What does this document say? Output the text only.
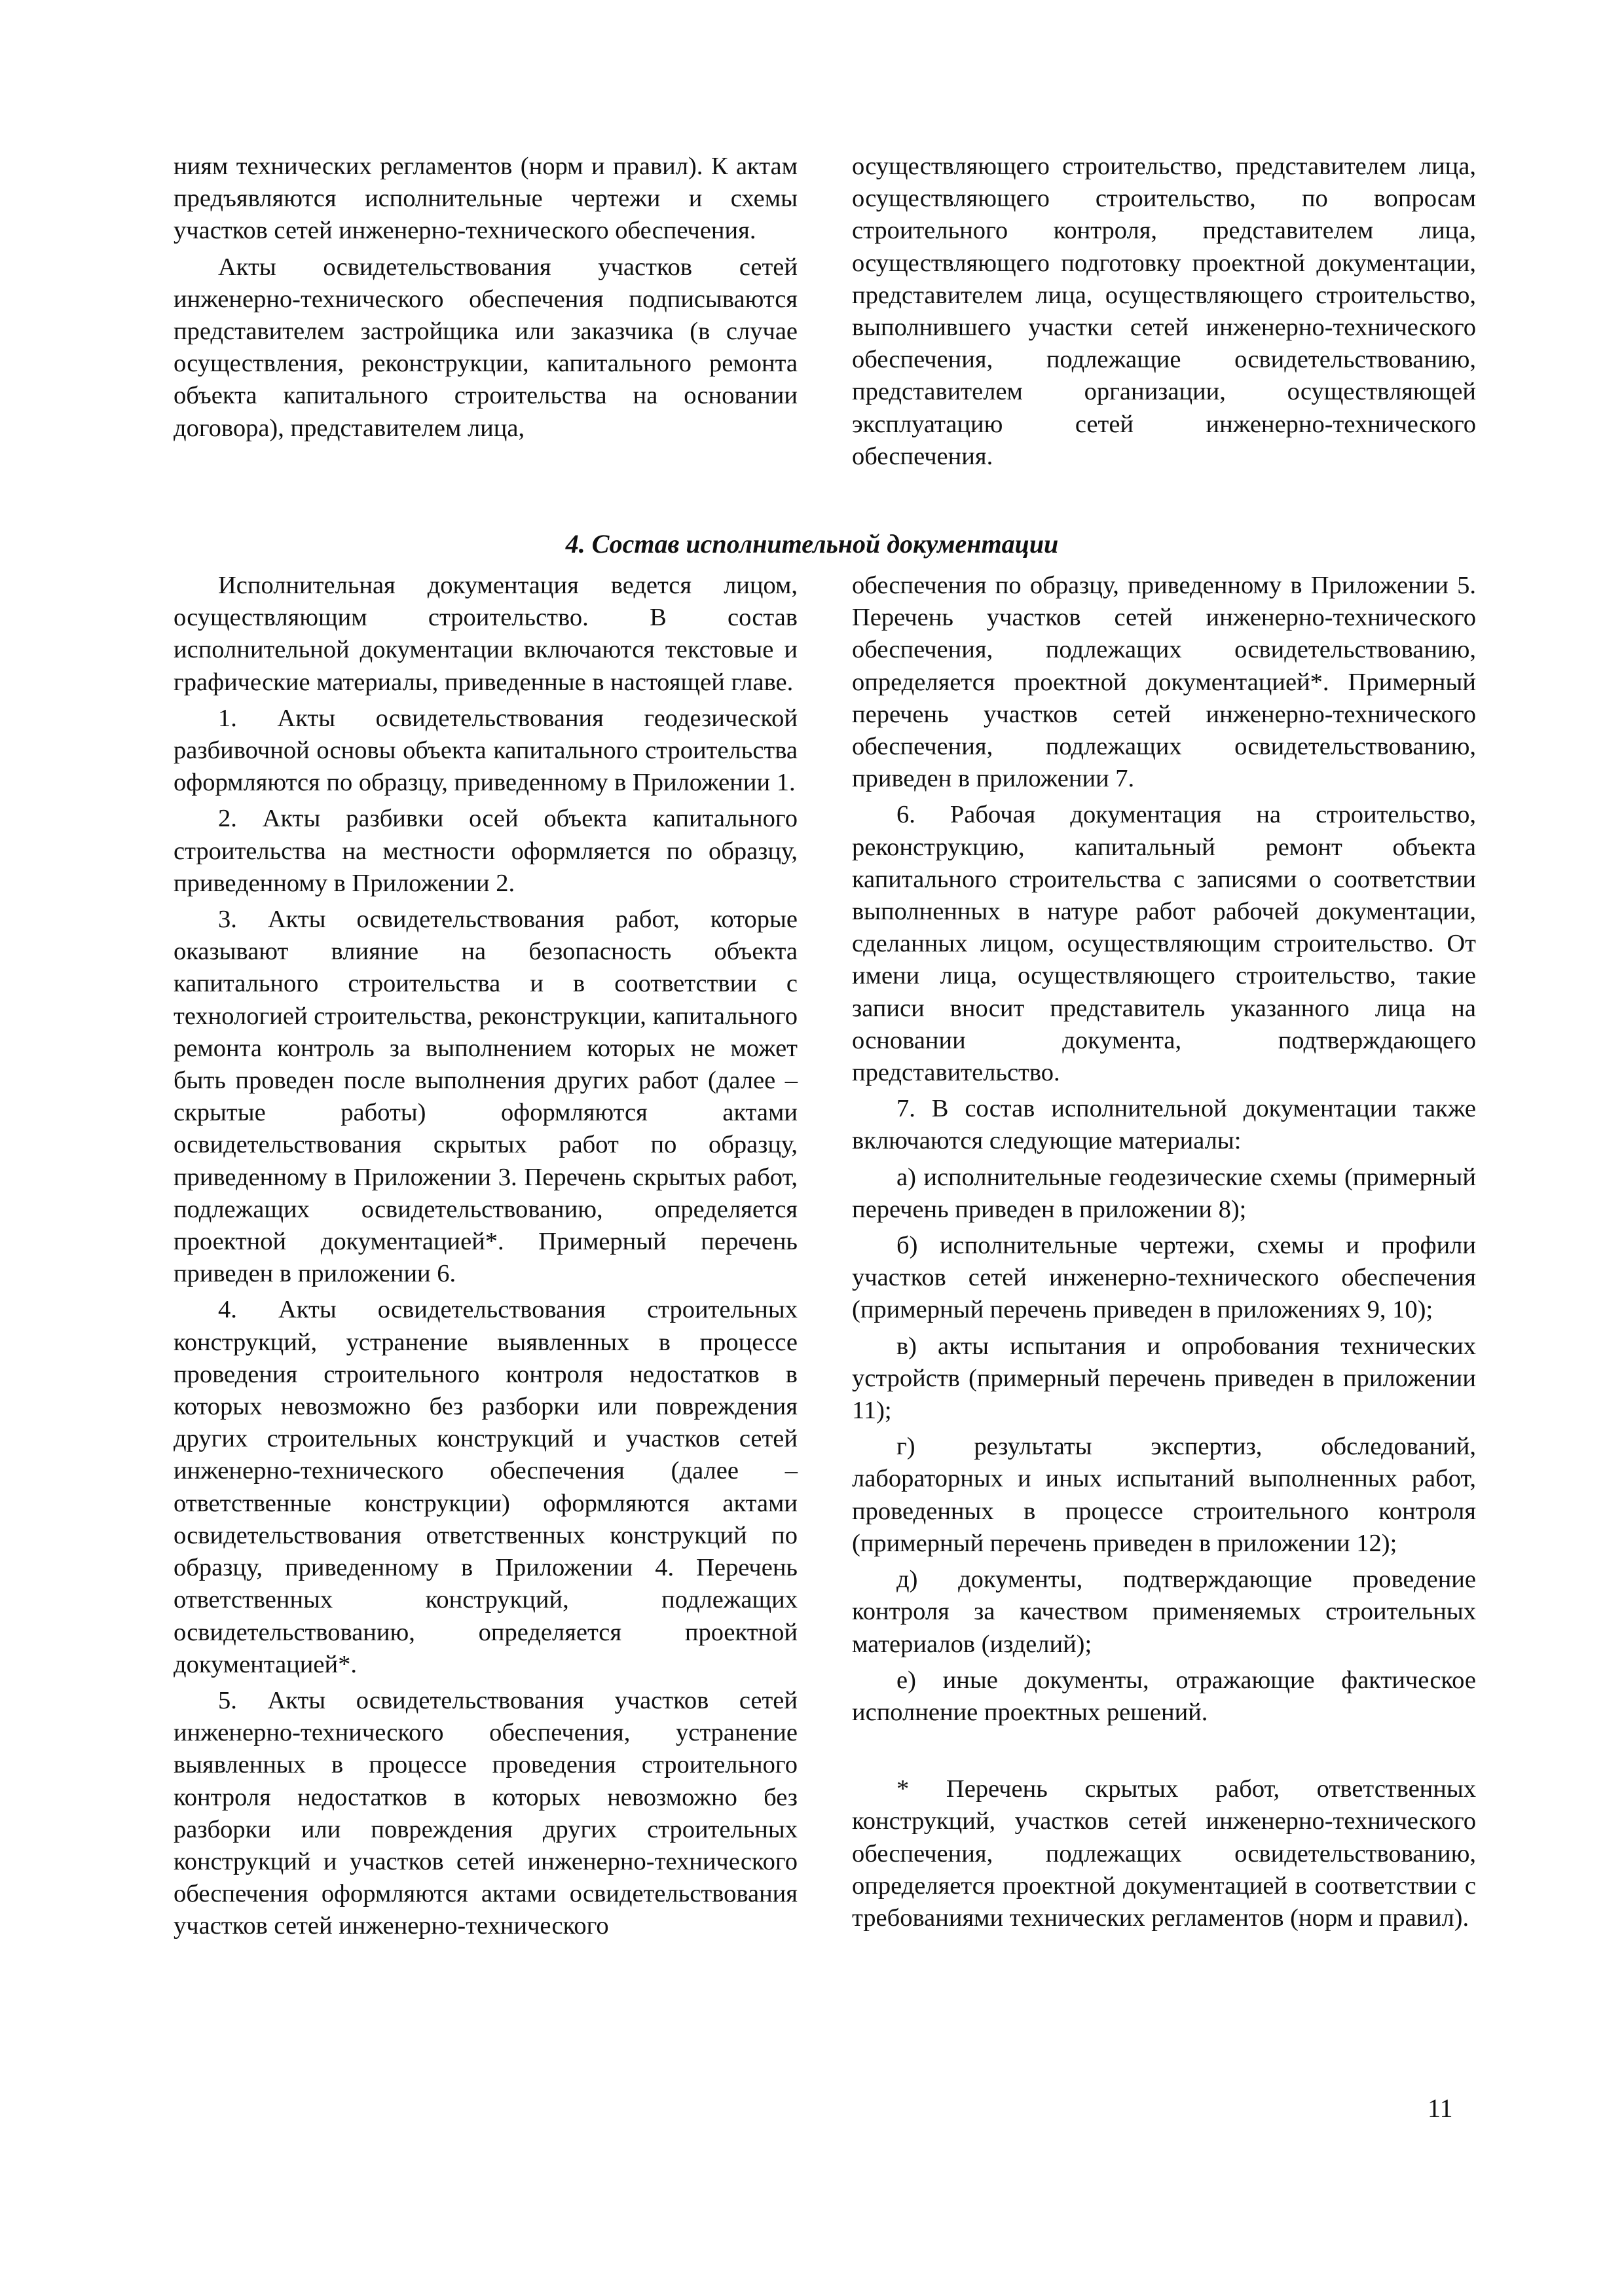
ниям технических регламентов (норм и правил). К актам предъявляются исполнительные чертежи и схемы участков сетей инженерно-технического обеспечения.

Акты освидетельствования участков сетей инженерно-технического обеспечения подписываются представителем застройщика или заказчика (в случае осуществления, реконструкции, капитального ремонта объекта капитального строительства на основании договора), представителем лица,

осуществляющего строительство, представителем лица, осуществляющего строительство, по вопросам строительного контроля, представителем лица, осуществляющего подготовку проектной документации, представителем лица, осуществляющего строительство, выполнившего участки сетей инженерно-технического обеспечения, подлежащие освидетельствованию, представителем организации, осуществляющей эксплуатацию сетей инженерно-технического обеспечения.

4. Состав исполнительной документации

Исполнительная документация ведется лицом, осуществляющим строительство. В состав исполнительной документации включаются текстовые и графические материалы, приведенные в настоящей главе.

1. Акты освидетельствования геодезической разбивочной основы объекта капитального строительства оформляются по образцу, приведенному в Приложении 1.

2. Акты разбивки осей объекта капитального строительства на местности оформляется по образцу, приведенному в Приложении 2.

3. Акты освидетельствования работ, которые оказывают влияние на безопасность объекта капитального строительства и в соответствии с технологией строительства, реконструкции, капитального ремонта контроль за выполнением которых не может быть проведен после выполнения других работ (далее – скрытые работы) оформляются актами освидетельствования скрытых работ по образцу, приведенному в Приложении 3. Перечень скрытых работ, подлежащих освидетельствованию, определяется проектной документацией*. Примерный перечень приведен в приложении 6.

4. Акты освидетельствования строительных конструкций, устранение выявленных в процессе проведения строительного контроля недостатков в которых невозможно без разборки или повреждения других строительных конструкций и участков сетей инженерно-технического обеспечения (далее – ответственные конструкции) оформляются актами освидетельствования ответственных конструкций по образцу, приведенному в Приложении 4. Перечень ответственных конструкций, подлежащих освидетельствованию, определяется проектной документацией*.

5. Акты освидетельствования участков сетей инженерно-технического обеспечения, устранение выявленных в процессе проведения строительного контроля недостатков в которых невозможно без разборки или повреждения других строительных конструкций и участков сетей инженерно-технического обеспечения оформляются актами освидетельствования участков сетей инженерно-технического

обеспечения по образцу, приведенному в Приложении 5. Перечень участков сетей инженерно-технического обеспечения, подлежащих освидетельствованию, определяется проектной документацией*. Примерный перечень участков сетей инженерно-технического обеспечения, подлежащих освидетельствованию, приведен в приложении 7.

6. Рабочая документация на строительство, реконструкцию, капитальный ремонт объекта капитального строительства с записями о соответствии выполненных в натуре работ рабочей документации, сделанных лицом, осуществляющим строительство. От имени лица, осуществляющего строительство, такие записи вносит представитель указанного лица на основании документа, подтверждающего представительство.

7. В состав исполнительной документации также включаются следующие материалы:

а) исполнительные геодезические схемы (примерный перечень приведен в приложении 8);

б) исполнительные чертежи, схемы и профили участков сетей инженерно-технического обеспечения (примерный перечень приведен в приложениях 9, 10);

в) акты испытания и опробования технических устройств (примерный перечень приведен в приложении 11);

г) результаты экспертиз, обследований, лабораторных и иных испытаний выполненных работ, проведенных в процессе строительного контроля (примерный перечень приведен в приложении 12);

д) документы, подтверждающие проведение контроля за качеством применяемых строительных материалов (изделий);

е) иные документы, отражающие фактическое исполнение проектных решений.

* Перечень скрытых работ, ответственных конструкций, участков сетей инженерно-технического обеспечения, подлежащих освидетельствованию, определяется проектной документацией в соответствии с требованиями технических регламентов (норм и правил).

11
